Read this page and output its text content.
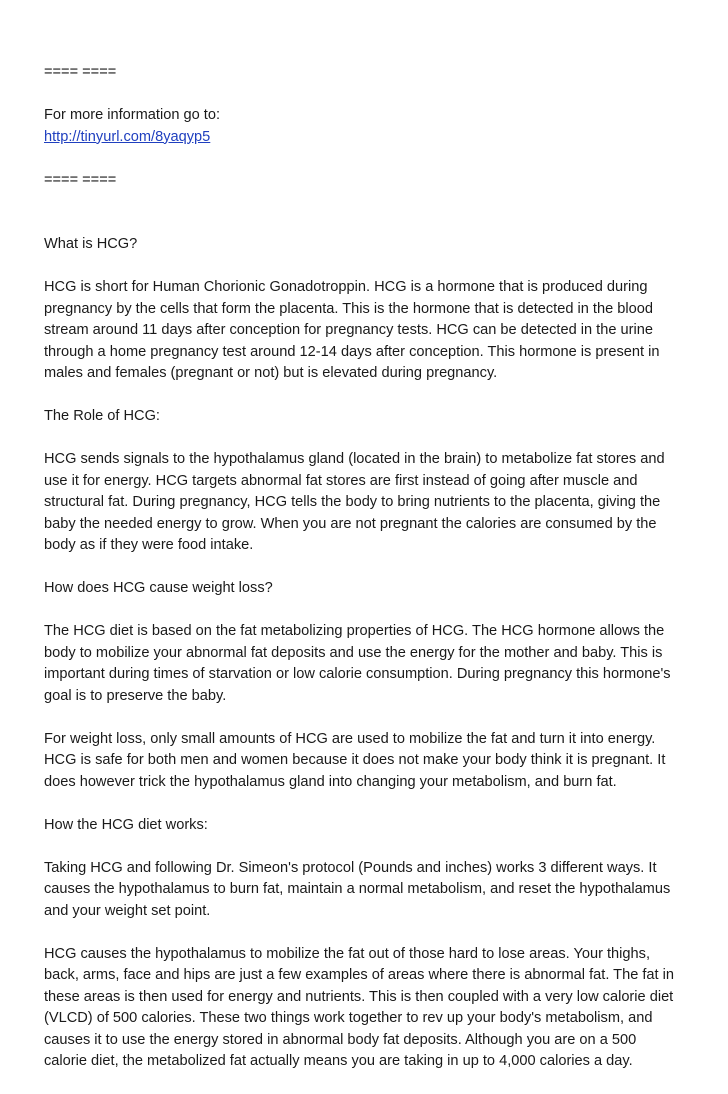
==== ====
For more information go to:
http://tinyurl.com/8yaqyp5
==== ====
What is HCG?
HCG is short for Human Chorionic Gonadotroppin. HCG is a hormone that is produced during
pregnancy by the cells that form the placenta. This is the hormone that is detected in the blood
stream around 11 days after conception for pregnancy tests. HCG can be detected in the urine
through a home pregnancy test around 12-14 days after conception. This hormone is present in
males and females (pregnant or not) but is elevated during pregnancy.
The Role of HCG:
HCG sends signals to the hypothalamus gland (located in the brain) to metabolize fat stores and
use it for energy. HCG targets abnormal fat stores are first instead of going after muscle and
structural fat. During pregnancy, HCG tells the body to bring nutrients to the placenta, giving the
baby the needed energy to grow. When you are not pregnant the calories are consumed by the
body as if they were food intake.
How does HCG cause weight loss?
The HCG diet is based on the fat metabolizing properties of HCG. The HCG hormone allows the
body to mobilize your abnormal fat deposits and use the energy for the mother and baby. This is
important during times of starvation or low calorie consumption. During pregnancy this hormone's
goal is to preserve the baby.
For weight loss, only small amounts of HCG are used to mobilize the fat and turn it into energy.
HCG is safe for both men and women because it does not make your body think it is pregnant. It
does however trick the hypothalamus gland into changing your metabolism, and burn fat.
How the HCG diet works:
Taking HCG and following Dr. Simeon's protocol (Pounds and inches) works 3 different ways. It
causes the hypothalamus to burn fat, maintain a normal metabolism, and reset the hypothalamus
and your weight set point.
HCG causes the hypothalamus to mobilize the fat out of those hard to lose areas. Your thighs,
back, arms, face and hips are just a few examples of areas where there is abnormal fat. The fat in
these areas is then used for energy and nutrients. This is then coupled with a very low calorie diet
(VLCD) of 500 calories. These two things work together to rev up your body's metabolism, and
causes it to use the energy stored in abnormal body fat deposits. Although you are on a 500
calorie diet, the metabolized fat actually means you are taking in up to 4,000 calories a day.
